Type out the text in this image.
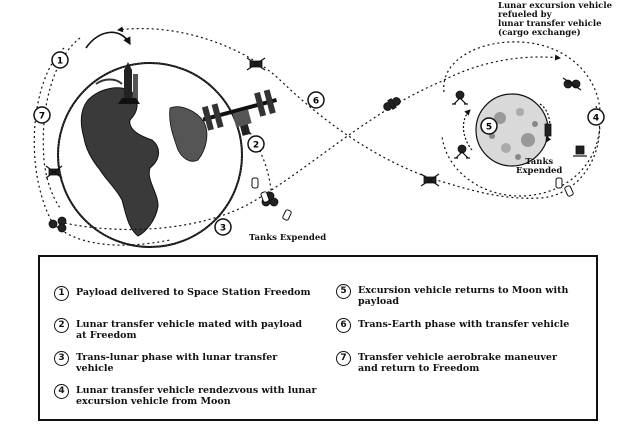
1
7
2
3
6
4
5
Lunar excursion vehicle
refueled by
lunar transfer vehicle
(cargo exchange)
Tanks Expended
Tanks
Expended
1	Payload delivered to Space Station Freedom
2	Lunar transfer vehicle mated with payload
at Freedom
3	Trans-lunar phase with lunar transfer
vehicle
4	Lunar transfer vehicle rendezvous with lunar
excursion vehicle from Moon
5	Excursion vehicle returns to Moon with
payload
6	Trans-Earth phase with transfer vehicle
7	Transfer vehicle aerobrake maneuver
and return to Freedom
